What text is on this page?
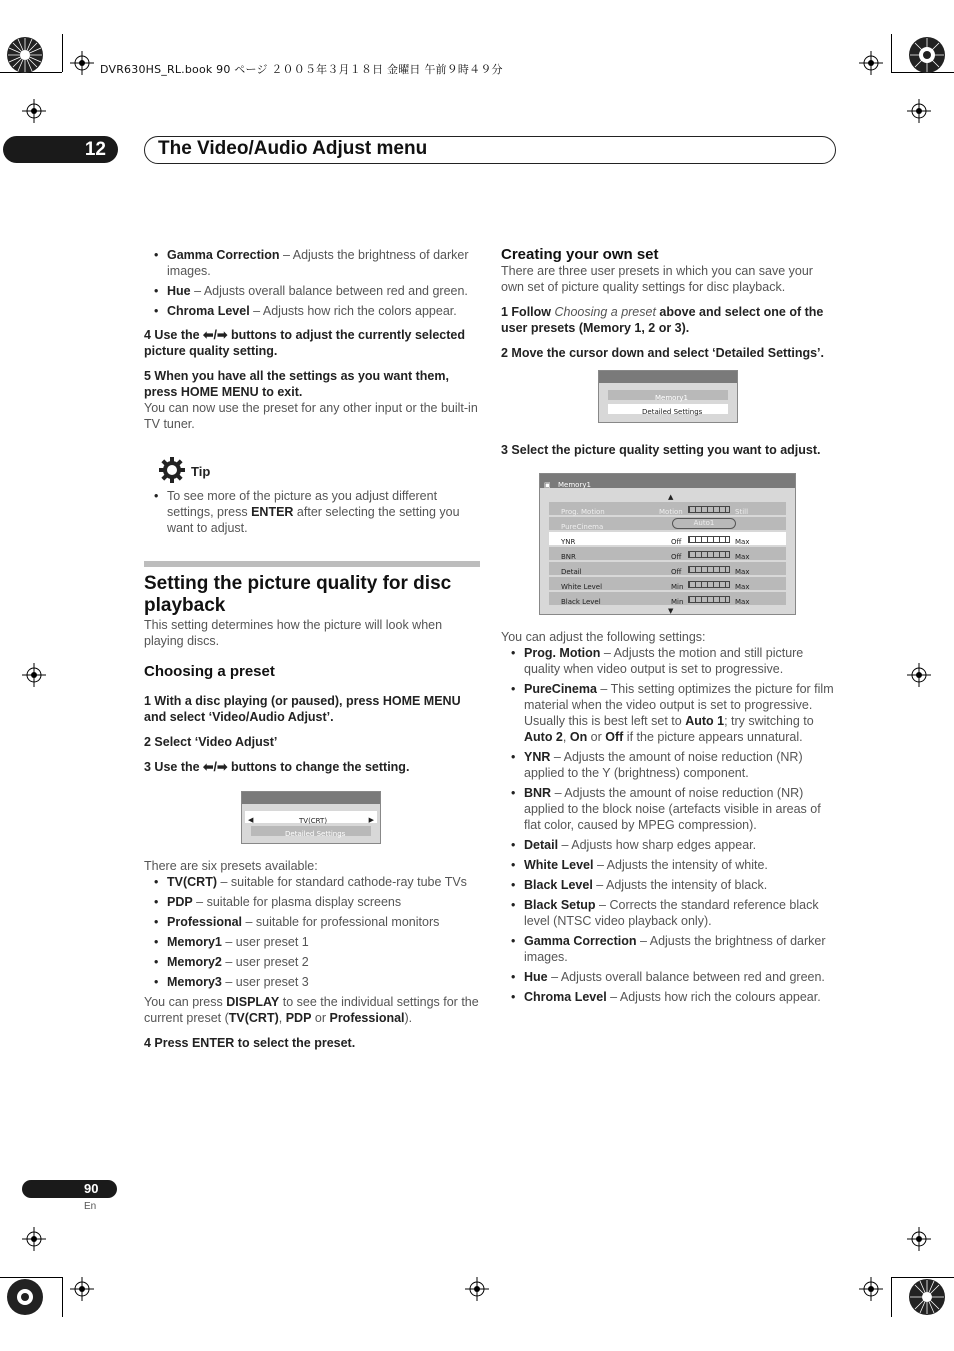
DVR630HS_RL.book 90 ページ ２００５年３月１８日 金曜日 午前９時４９分
12	The Video/Audio Adjust menu

• Gamma Correction – Adjusts the brightness of darker images.

• Hue – Adjusts overall balance between red and green.

• Chroma Level – Adjusts how rich the colors appear.

4 Use the ⬅/➡ buttons to adjust the currently selected picture quality setting.

5 When you have all the settings as you want them, press HOME MENU to exit.

You can now use the preset for any other input or the built-in TV tuner.

Tip

• To see more of the picture as you adjust different settings, press ENTER after selecting the setting you want to adjust.

Setting the picture quality for disc playback

This setting determines how the picture will look when playing discs.

Choosing a preset

1 With a disc playing (or paused), press HOME MENU and select ‘Video/Audio Adjust’.

2 Select ‘Video Adjust’

3 Use the ⬅/➡ buttons to change the setting.

◀	TV(CRT)	▶
Detailed Settings

There are six presets available:

• TV(CRT) – suitable for standard cathode-ray tube TVs

• PDP – suitable for plasma display screens

• Professional – suitable for professional monitors

• Memory1 – user preset 1

• Memory2 – user preset 2

• Memory3 – user preset 3

You can press DISPLAY to see the individual settings for the current preset (TV(CRT), PDP or Professional).

4 Press ENTER to select the preset.

Creating your own set

There are three user presets in which you can save your own set of picture quality settings for disc playback.

1 Follow Choosing a preset above and select one of the user presets (Memory 1, 2 or 3).

2 Move the cursor down and select ‘Detailed Settings’.

Memory1
Detailed Settings

3 Select the picture quality setting you want to adjust.

▣ Memory1
▲
Prog. Motion	Motion	Still
PureCinema	Auto1
YNR	Off	Max
BNR	Off	Max
Detail	Off	Max
White Level	Min	Max
Black Level	Min	Max
▼

You can adjust the following settings:

• Prog. Motion – Adjusts the motion and still picture quality when video output is set to progressive.

• PureCinema – This setting optimizes the picture for film material when the video output is set to progressive. Usually this is best left set to Auto 1; try switching to Auto 2, On or Off if the picture appears unnatural.

• YNR – Adjusts the amount of noise reduction (NR) applied to the Y (brightness) component.

• BNR – Adjusts the amount of noise reduction (NR) applied to the block noise (artefacts visible in areas of flat color, caused by MPEG compression).

• Detail – Adjusts how sharp edges appear.

• White Level – Adjusts the intensity of white.

• Black Level – Adjusts the intensity of black.

• Black Setup – Corrects the standard reference black level (NTSC video playback only).

• Gamma Correction – Adjusts the brightness of darker images.

• Hue – Adjusts overall balance between red and green.

• Chroma Level – Adjusts how rich the colours appear.

90
En
